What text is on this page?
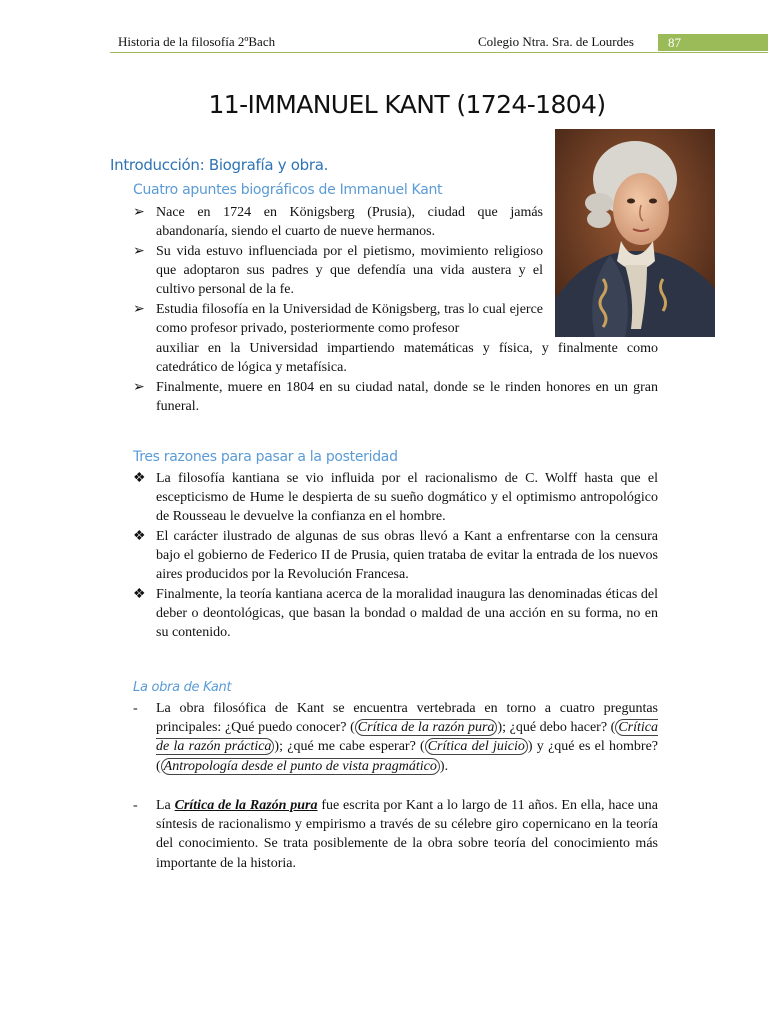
Historia de la filosofía 2ºBach	Colegio Ntra. Sra. de Lourdes	87
11-IMMANUEL KANT (1724-1804)
Introducción: Biografía y obra.
Cuatro apuntes biográficos de Immanuel Kant
➢ Nace en 1724 en Königsberg (Prusia), ciudad que jamás abandonaría, siendo el cuarto de nueve hermanos.
➢ Su vida estuvo influenciada por el pietismo, movimiento religioso que adoptaron sus padres y que defendía una vida austera y el cultivo personal de la fe.
➢ Estudia filosofía en la Universidad de Königsberg, tras lo cual ejerce como profesor privado, posteriormente como profesor
auxiliar en la Universidad impartiendo matemáticas y física, y finalmente como catedrático de lógica y metafísica.
➢ Finalmente, muere en 1804 en su ciudad natal, donde se le rinden honores en un gran funeral.
Tres razones para pasar a la posteridad
❖ La filosofía kantiana se vio influida por el racionalismo de C. Wolff hasta que el escepticismo de Hume le despierta de su sueño dogmático y el optimismo antropológico de Rousseau le devuelve la confianza en el hombre.
❖ El carácter ilustrado de algunas de sus obras llevó a Kant a enfrentarse con la censura bajo el gobierno de Federico II de Prusia, quien trataba de evitar la entrada de los nuevos aires producidos por la Revolución Francesa.
❖ Finalmente, la teoría kantiana acerca de la moralidad inaugura las denominadas éticas del deber o deontológicas, que basan la bondad o maldad de una acción en su forma, no en su contenido.
La obra de Kant
-	La obra filosófica de Kant se encuentra vertebrada en torno a cuatro preguntas principales: ¿Qué puedo conocer? ( Crítica de la razón pura ); ¿qué debo hacer? ( Crítica de la razón práctica ); ¿qué me cabe esperar? ( Crítica del juicio ) y ¿qué es el hombre? ( Antropología desde el punto de vista pragmático ).
-	La Crítica de la Razón pura fue escrita por Kant a lo largo de 11 años. En ella, hace una síntesis de racionalismo y empirismo a través de su célebre giro copernicano en la teoría del conocimiento. Se trata posiblemente de la obra sobre teoría del conocimiento más importante de la historia.
